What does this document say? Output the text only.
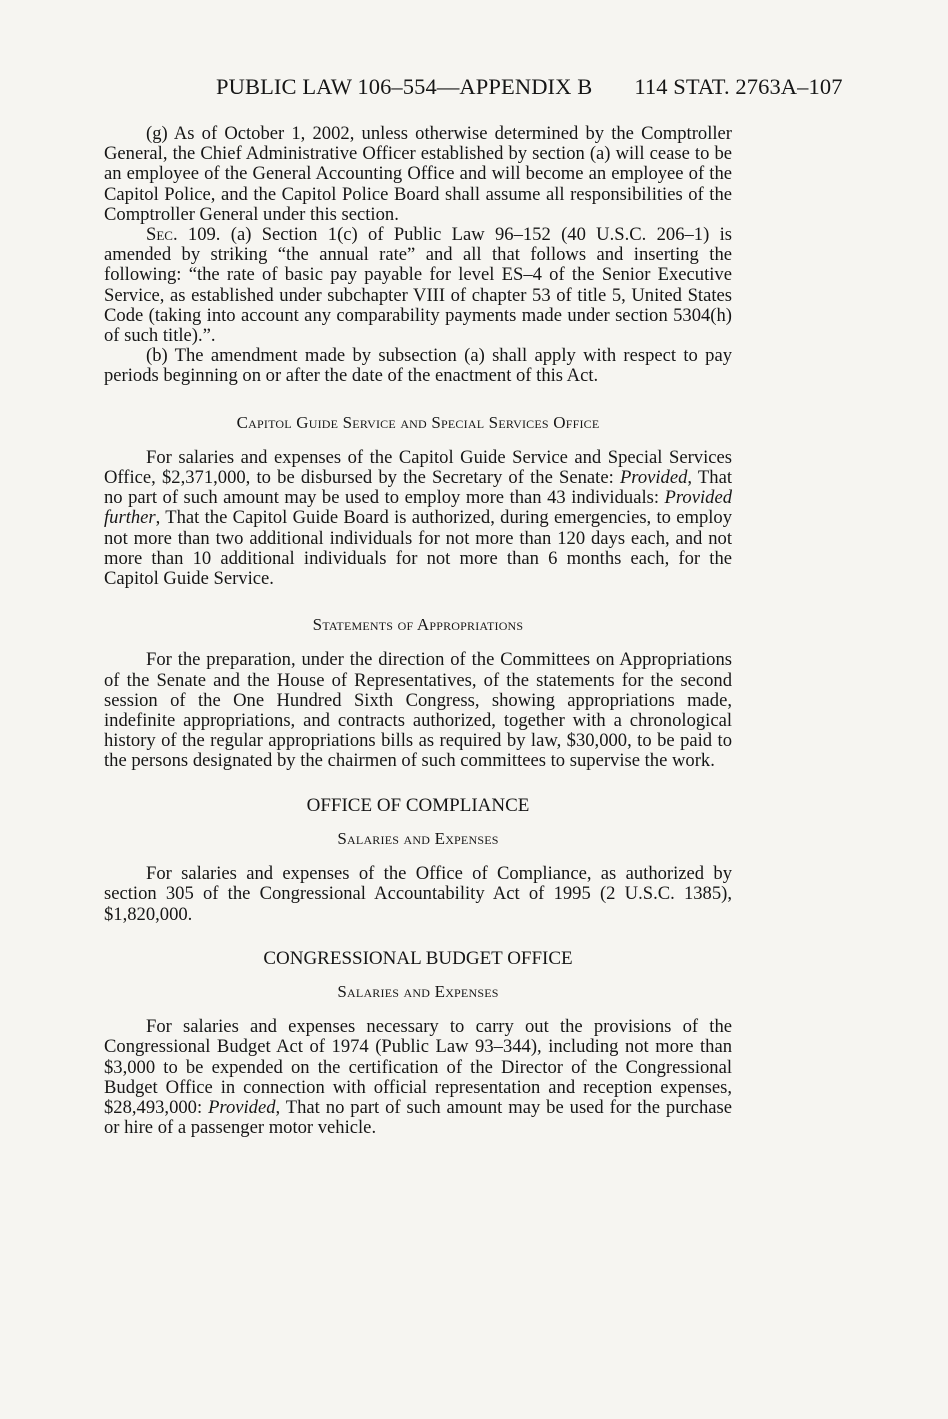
PUBLIC LAW 106–554—APPENDIX B 114 STAT. 2763A–107

(g) As of October 1, 2002, unless otherwise determined by the Comptroller General, the Chief Administrative Officer established by section (a) will cease to be an employee of the General Accounting Office and will become an employee of the Capitol Police, and the Capitol Police Board shall assume all responsibilities of the Comptroller General under this section.

Sec. 109. (a) Section 1(c) of Public Law 96–152 (40 U.S.C. 206–1) is amended by striking “the annual rate” and all that follows and inserting the following: “the rate of basic pay payable for level ES–4 of the Senior Executive Service, as established under subchapter VIII of chapter 53 of title 5, United States Code (taking into account any comparability payments made under section 5304(h) of such title).”.

(b) The amendment made by subsection (a) shall apply with respect to pay periods beginning on or after the date of the enactment of this Act.

Capitol Guide Service and Special Services Office

For salaries and expenses of the Capitol Guide Service and Special Services Office, $2,371,000, to be disbursed by the Secretary of the Senate: Provided, That no part of such amount may be used to employ more than 43 individuals: Provided further, That the Capitol Guide Board is authorized, during emergencies, to employ not more than two additional individuals for not more than 120 days each, and not more than 10 additional individuals for not more than 6 months each, for the Capitol Guide Service.

Statements of Appropriations

For the preparation, under the direction of the Committees on Appropriations of the Senate and the House of Representatives, of the statements for the second session of the One Hundred Sixth Congress, showing appropriations made, indefinite appropriations, and contracts authorized, together with a chronological history of the regular appropriations bills as required by law, $30,000, to be paid to the persons designated by the chairmen of such committees to supervise the work.

OFFICE OF COMPLIANCE
Salaries and Expenses

For salaries and expenses of the Office of Compliance, as authorized by section 305 of the Congressional Accountability Act of 1995 (2 U.S.C. 1385), $1,820,000.

CONGRESSIONAL BUDGET OFFICE
Salaries and Expenses

For salaries and expenses necessary to carry out the provisions of the Congressional Budget Act of 1974 (Public Law 93–344), including not more than $3,000 to be expended on the certification of the Director of the Congressional Budget Office in connection with official representation and reception expenses, $28,493,000: Provided, That no part of such amount may be used for the purchase or hire of a passenger motor vehicle.
